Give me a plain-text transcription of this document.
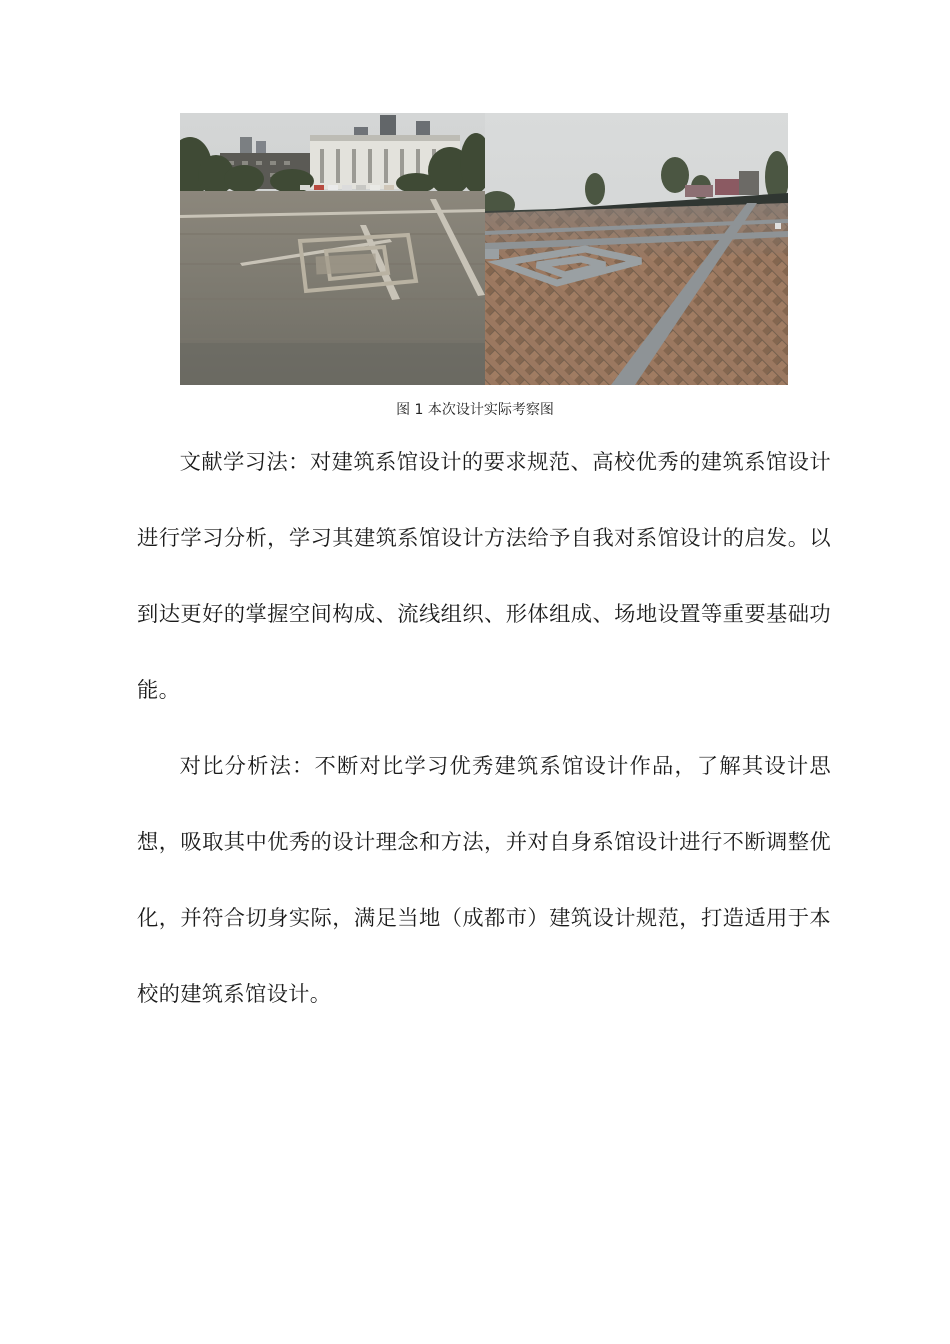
图 1 本次设计实际考察图

文献学习法：对建筑系馆设计的要求规范、高校优秀的建筑系馆设计进行学习分析，学习其建筑系馆设计方法给予自我对系馆设计的启发。以到达更好的掌握空间构成、流线组织、形体组成、场地设置等重要基础功能。

对比分析法：不断对比学习优秀建筑系馆设计作品，了解其设计思想，吸取其中优秀的设计理念和方法，并对自身系馆设计进行不断调整优化，并符合切身实际，满足当地（成都市）建筑设计规范，打造适用于本校的建筑系馆设计。
